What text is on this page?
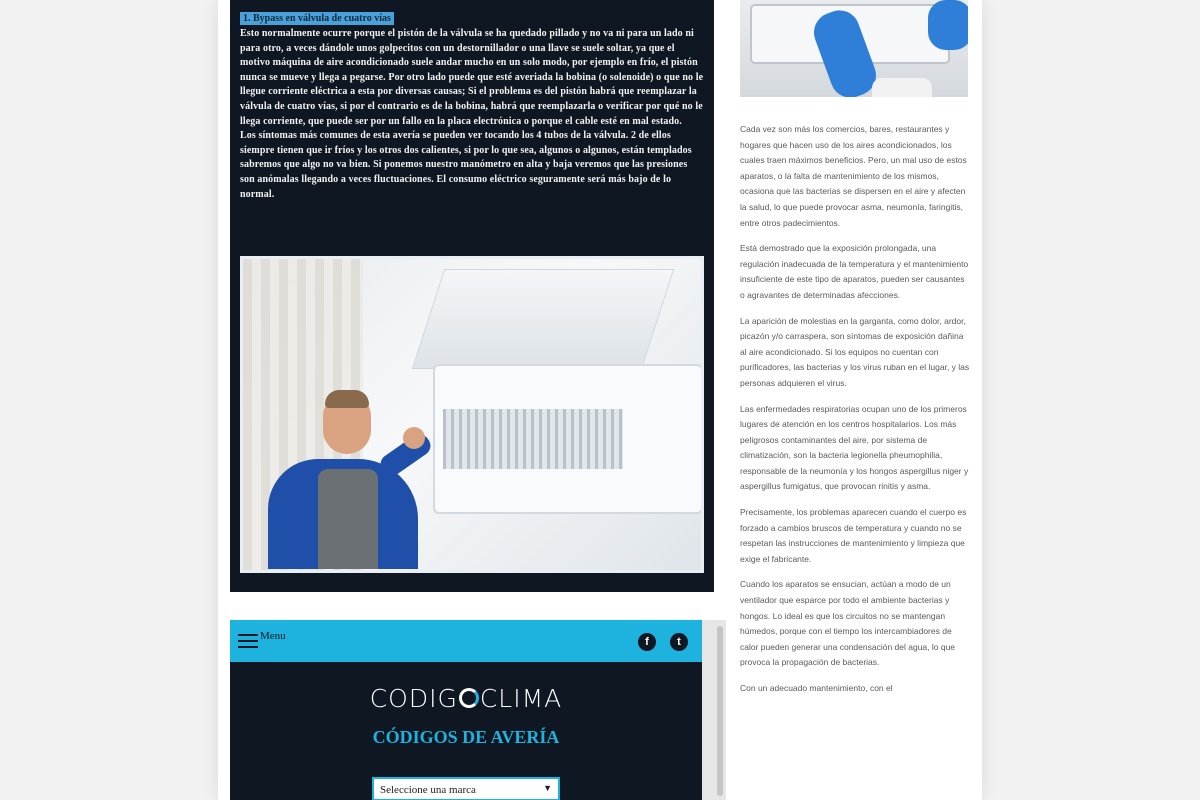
1. Bypass en válvula de cuatro vías

Esto normalmente ocurre porque el pistón de la válvula se ha quedado pillado y no va ni para un lado ni para otro, a veces dándole unos golpecitos con un destornillador o una llave se suele soltar, ya que el motivo máquina de aire acondicionado suele andar mucho en un solo modo, por ejemplo en frío, el pistón nunca se mueve y llega a pegarse. Por otro lado puede que esté averiada la bobina (o solenoide) o que no le llegue corriente eléctrica a esta por diversas causas; Si el problema es del pistón habrá que reemplazar la válvula de cuatro vías, si por el contrario es de la bobina, habrá que reemplazarla o verificar por qué no le llega corriente, que puede ser por un fallo en la placa electrónica o porque el cable esté en mal estado.

Los síntomas más comunes de esta avería se pueden ver tocando los 4 tubos de la válvula. 2 de ellos siempre tienen que ir fríos y los otros dos calientes, si por lo que sea, algunos o algunos, están templados sabremos que algo no va bien. Si ponemos nuestro manómetro en alta y baja veremos que las presiones son anómalas llegando a veces fluctuaciones. El consumo eléctrico seguramente será más bajo de lo normal.

Menu	f	t
CODIG CLIMA
CÓDIGOS DE AVERÍA
Seleccione una marca	▼

Cada vez son más los comercios, bares, restaurantes y hogares que hacen uso de los aires acondicionados, los cuales traen máximos beneficios. Pero, un mal uso de estos aparatos, o la falta de mantenimiento de los mismos, ocasiona que las bacterias se dispersen en el aire y afecten la salud, lo que puede provocar asma, neumonía, faringitis, entre otros padecimientos.

Está demostrado que la exposición prolongada, una regulación inadecuada de la temperatura y el mantenimiento insuficiente de este tipo de aparatos, pueden ser causantes o agravantes de determinadas afecciones.

La aparición de molestias en la garganta, como dolor, ardor, picazón y/o carraspera, son síntomas de exposición dañina al aire acondicionado. Si los equipos no cuentan con purificadores, las bacterias y los virus ruban en el lugar, y las personas adquieren el virus.

Las enfermedades respiratorias ocupan uno de los primeros lugares de atención en los centros hospitalarios. Los más peligrosos contaminantes del aire, por sistema de climatización, son la bacteria legionella pheumophilia, responsable de la neumonía y los hongos aspergillus niger y aspergillus fumigatus, que provocan rinitis y asma.

Precisamente, los problemas aparecen cuando el cuerpo es forzado a cambios bruscos de temperatura y cuando no se respetan las instrucciones de mantenimiento y limpieza que exige el fabricante.

Cuando los aparatos se ensucian, actúan a modo de un ventilador que esparce por todo el ambiente bacterias y hongos. Lo ideal es que los circuitos no se mantengan húmedos, porque con el tiempo los intercambiadores de calor pueden generar una condensación del agua, lo que provoca la propagación de bacterias.

Con un adecuado mantenimiento, con el
